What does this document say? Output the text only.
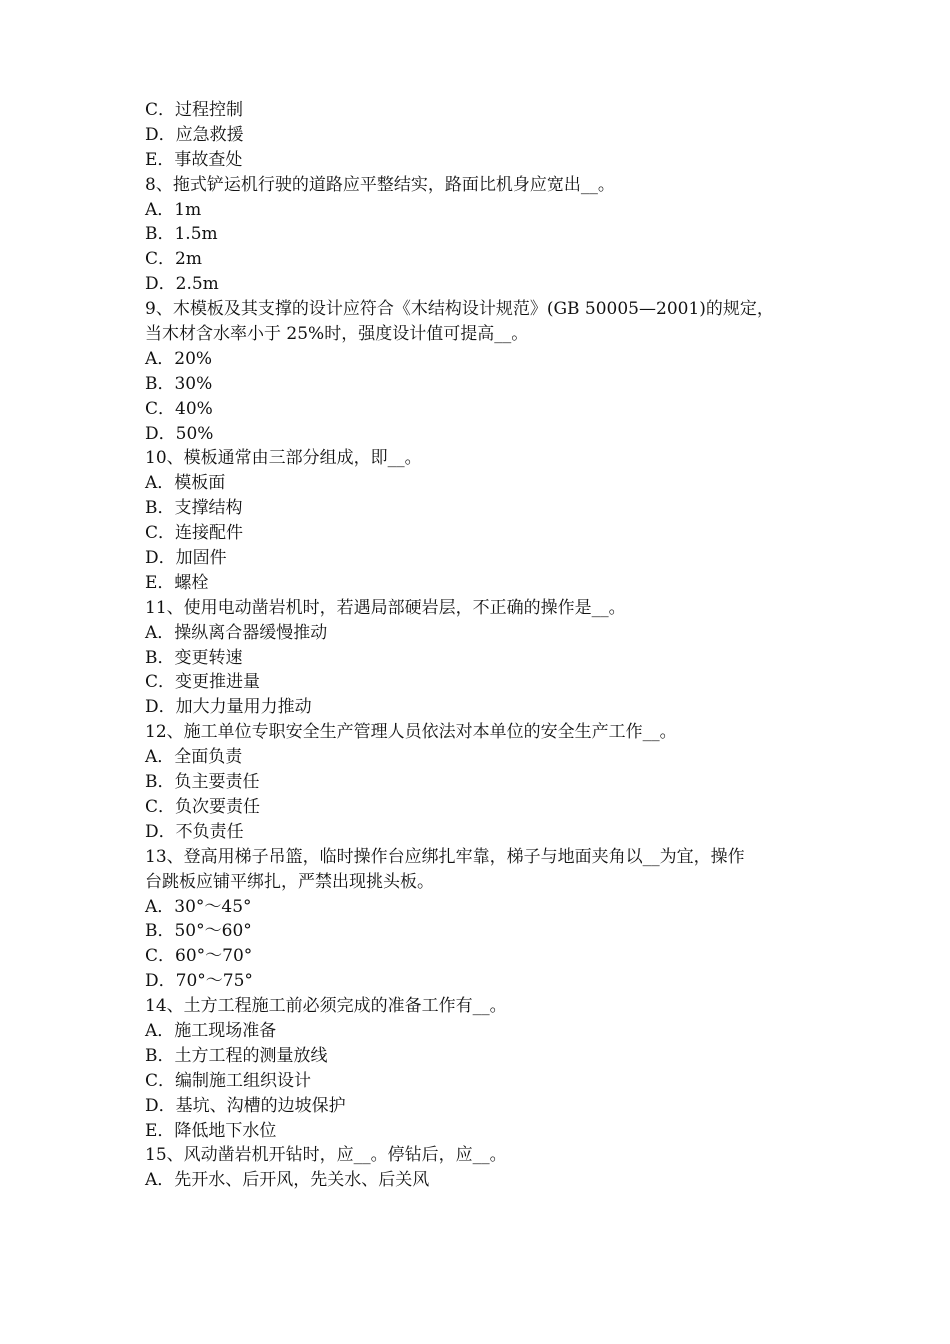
C．过程控制
D．应急救援
E．事故查处
8、拖式铲运机行驶的道路应平整结实，路面比机身应宽出__。
A．1m
B．1.5m
C．2m
D．2.5m
9、木模板及其支撑的设计应符合《木结构设计规范》(GB 50005—2001)的规定，
当木材含水率小于 25%时，强度设计值可提高__。
A．20%
B．30%
C．40%
D．50%
10、模板通常由三部分组成，即__。
A．模板面
B．支撑结构
C．连接配件
D．加固件
E．螺栓
11、使用电动凿岩机时，若遇局部硬岩层，不正确的操作是__。
A．操纵离合器缓慢推动
B．变更转速
C．变更推进量
D．加大力量用力推动
12、施工单位专职安全生产管理人员依法对本单位的安全生产工作__。
A．全面负责
B．负主要责任
C．负次要责任
D．不负责任
13、登高用梯子吊篮，临时操作台应绑扎牢靠，梯子与地面夹角以__为宜，操作
台跳板应铺平绑扎，严禁出现挑头板。
A．30°～45°
B．50°～60°
C．60°～70°
D．70°～75°
14、土方工程施工前必须完成的准备工作有__。
A．施工现场准备
B．土方工程的测量放线
C．编制施工组织设计
D．基坑、沟槽的边坡保护
E．降低地下水位
15、风动凿岩机开钻时，应__。停钻后，应__。
A．先开水、后开风，先关水、后关风
